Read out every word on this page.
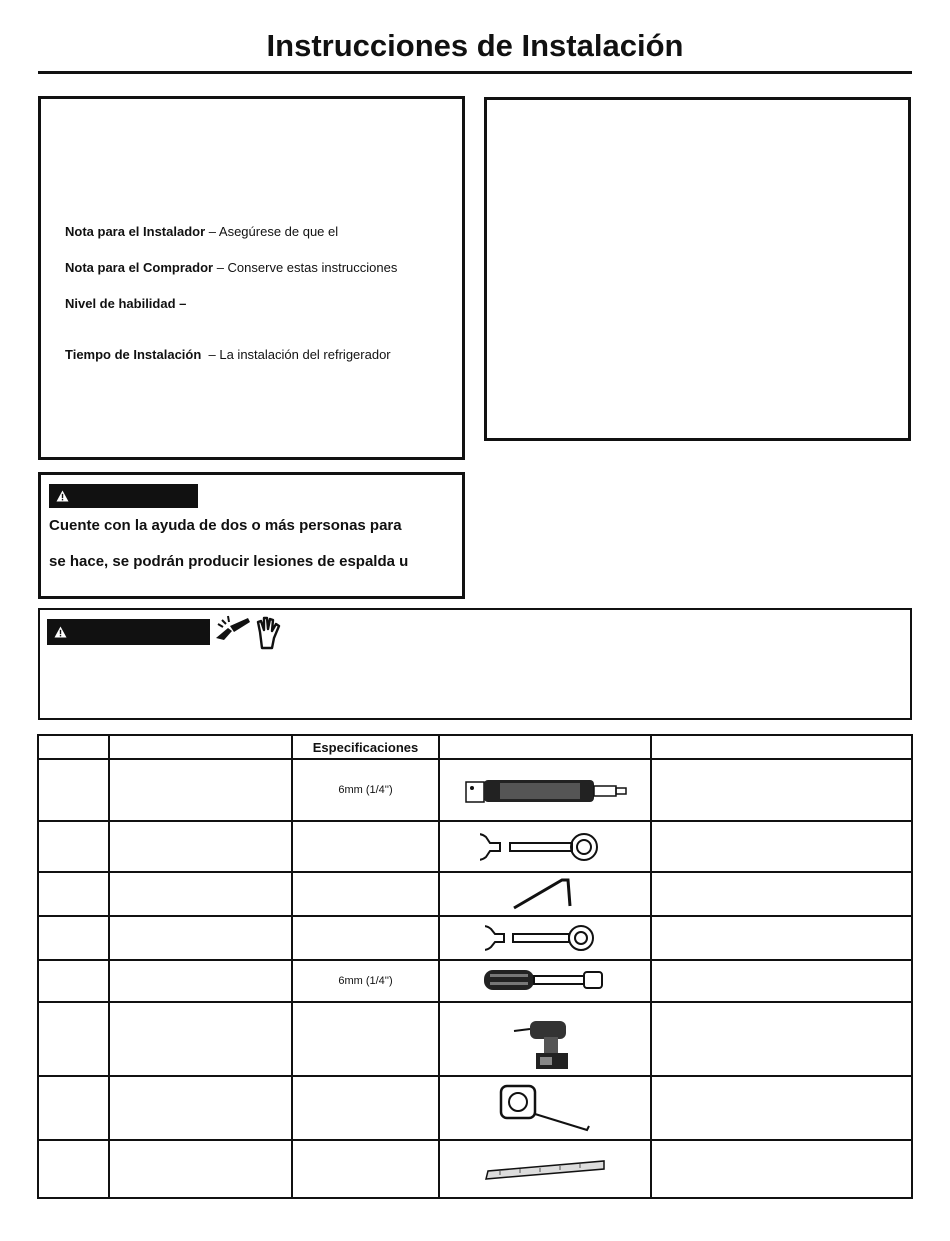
Instrucciones de Instalación
Nota para el Instalador – Asegúrese de que el
Nota para el Comprador – Conserve estas instrucciones
Nivel de habilidad –
Tiempo de Instalación  – La instalación del refrigerador
Cuente con la ayuda de dos o más personas para
se hace, se podrán producir lesiones de espalda u
		Especificaciones		
		6mm (1/4'')	

		6mm (1/4'')	
